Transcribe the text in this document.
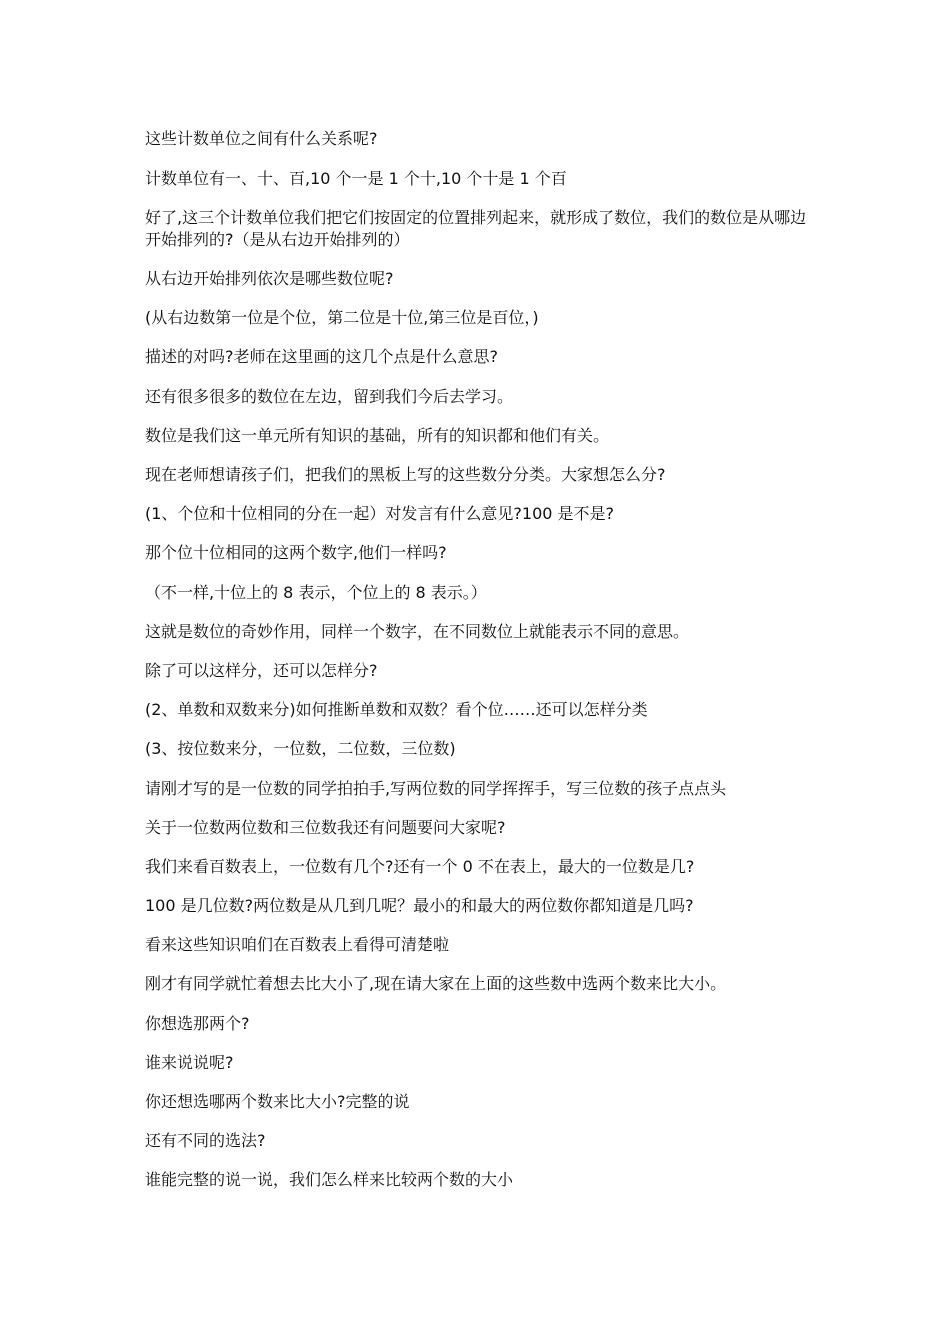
这些计数单位之间有什么关系呢?
计数单位有一、十、百,10 个一是 1 个十,10 个十是 1 个百
好了,这三个计数单位我们把它们按固定的位置排列起来，就形成了数位，我们的数位是从哪边开始排列的?（是从右边开始排列的）
从右边开始排列依次是哪些数位呢?
(从右边数第一位是个位，第二位是十位,第三位是百位，)
描述的对吗?老师在这里画的这几个点是什么意思?
还有很多很多的数位在左边，留到我们今后去学习。
数位是我们这一单元所有知识的基础，所有的知识都和他们有关。
现在老师想请孩子们，把我们的黑板上写的这些数分分类。大家想怎么分?
(1、个位和十位相同的分在一起）对发言有什么意见?100 是不是?
那个位十位相同的这两个数字,他们一样吗?
（不一样,十位上的 8 表示，个位上的 8 表示。）
这就是数位的奇妙作用，同样一个数字，在不同数位上就能表示不同的意思。
除了可以这样分，还可以怎样分?
(2、单数和双数来分)如何推断单数和双数？看个位……还可以怎样分类
(3、按位数来分，一位数，二位数，三位数)
请刚才写的是一位数的同学拍拍手,写两位数的同学挥挥手，写三位数的孩子点点头
关于一位数两位数和三位数我还有问题要问大家呢?
我们来看百数表上，一位数有几个?还有一个 0 不在表上，最大的一位数是几?
100 是几位数?两位数是从几到几呢？最小的和最大的两位数你都知道是几吗?
看来这些知识咱们在百数表上看得可清楚啦
刚才有同学就忙着想去比大小了,现在请大家在上面的这些数中选两个数来比大小。
你想选那两个?
谁来说说呢?
你还想选哪两个数来比大小?完整的说
还有不同的选法?
谁能完整的说一说，我们怎么样来比较两个数的大小
